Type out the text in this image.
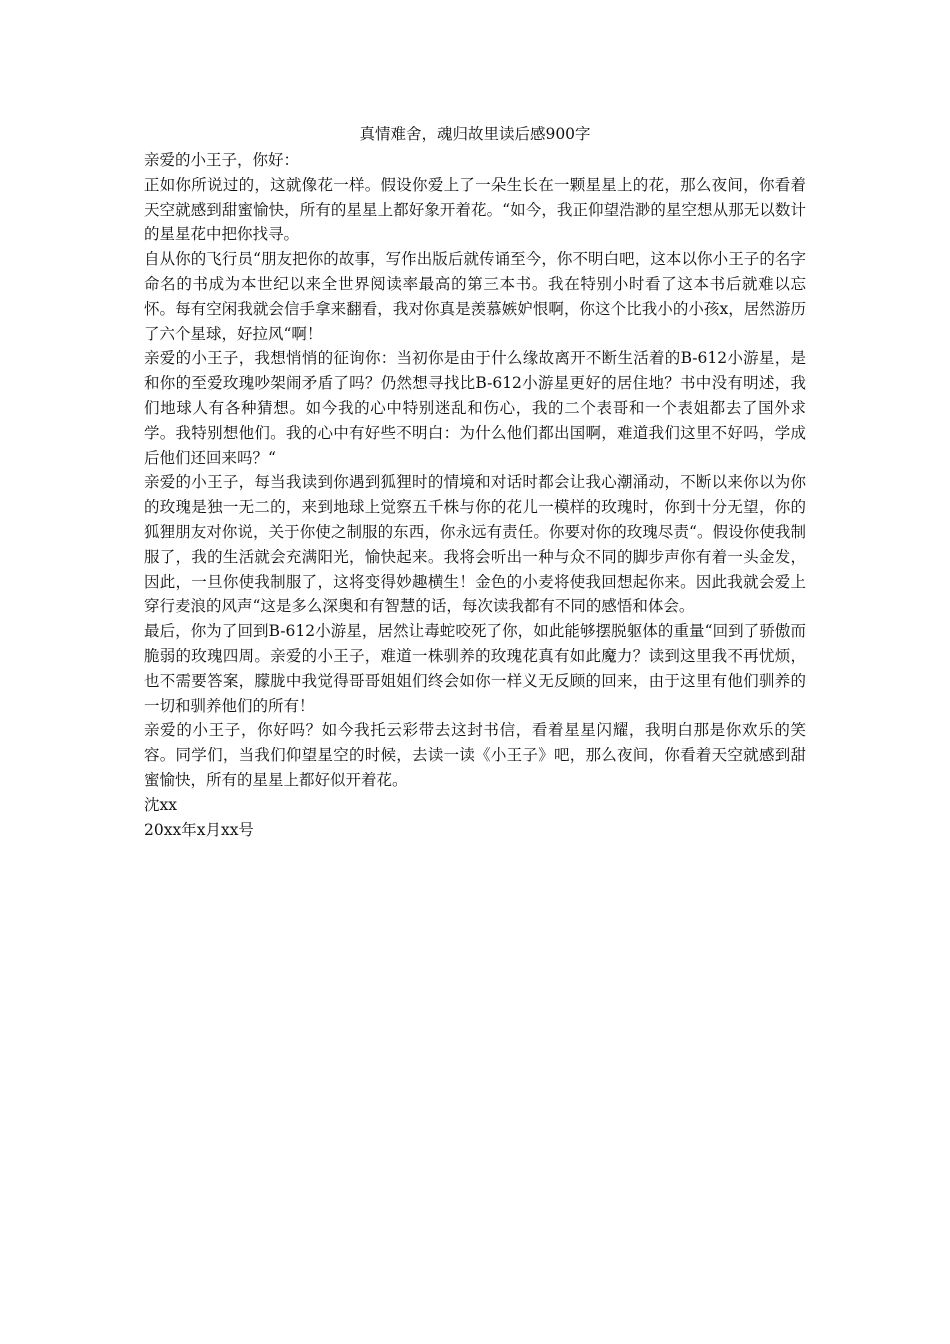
真情难舍，魂归故里读后感900字

亲爱的小王子，你好：

正如你所说过的，这就像花一样。假设你爱上了一朵生长在一颗星星上的花，那么夜间，你看着天空就感到甜蜜愉快，所有的星星上都好象开着花。“如今，我正仰望浩渺的星空想从那无以数计的星星花中把你找寻。

自从你的飞行员“朋友把你的故事，写作出版后就传诵至今，你不明白吧，这本以你小王子的名字命名的书成为本世纪以来全世界阅读率最高的第三本书。我在特别小时看了这本书后就难以忘怀。每有空闲我就会信手拿来翻看，我对你真是羡慕嫉妒恨啊，你这个比我小的小孩x，居然游历了六个星球，好拉风“啊！

亲爱的小王子，我想悄悄的征询你：当初你是由于什么缘故离开不断生活着的B-612小游星，是和你的至爱玫瑰吵架闹矛盾了吗？仍然想寻找比B-612小游星更好的居住地？书中没有明述，我们地球人有各种猜想。如今我的心中特别迷乱和伤心，我的二个表哥和一个表姐都去了国外求学。我特别想他们。我的心中有好些不明白：为什么他们都出国啊，难道我们这里不好吗，学成后他们还回来吗？“

亲爱的小王子，每当我读到你遇到狐狸时的情境和对话时都会让我心潮涌动，不断以来你以为你的玫瑰是独一无二的，来到地球上觉察五千株与你的花儿一模样的玫瑰时，你到十分无望，你的狐狸朋友对你说，关于你使之制服的东西，你永远有责任。你要对你的玫瑰尽责“。假设你使我制服了，我的生活就会充满阳光，愉快起来。我将会听出一种与众不同的脚步声你有着一头金发，因此，一旦你使我制服了，这将变得妙趣横生！金色的小麦将使我回想起你来。因此我就会爱上穿行麦浪的风声“这是多么深奥和有智慧的话，每次读我都有不同的感悟和体会。

最后，你为了回到B-612小游星，居然让毒蛇咬死了你，如此能够摆脱躯体的重量“回到了骄傲而脆弱的玫瑰四周。亲爱的小王子，难道一株驯养的玫瑰花真有如此魔力？读到这里我不再忧烦，也不需要答案，朦胧中我觉得哥哥姐姐们终会如你一样义无反顾的回来，由于这里有他们驯养的一切和驯养他们的所有！

亲爱的小王子，你好吗？如今我托云彩带去这封书信，看着星星闪耀，我明白那是你欢乐的笑容。同学们，当我们仰望星空的时候，去读一读《小王子》吧，那么夜间，你看着天空就感到甜蜜愉快，所有的星星上都好似开着花。

沈xx

20xx年x月xx号
